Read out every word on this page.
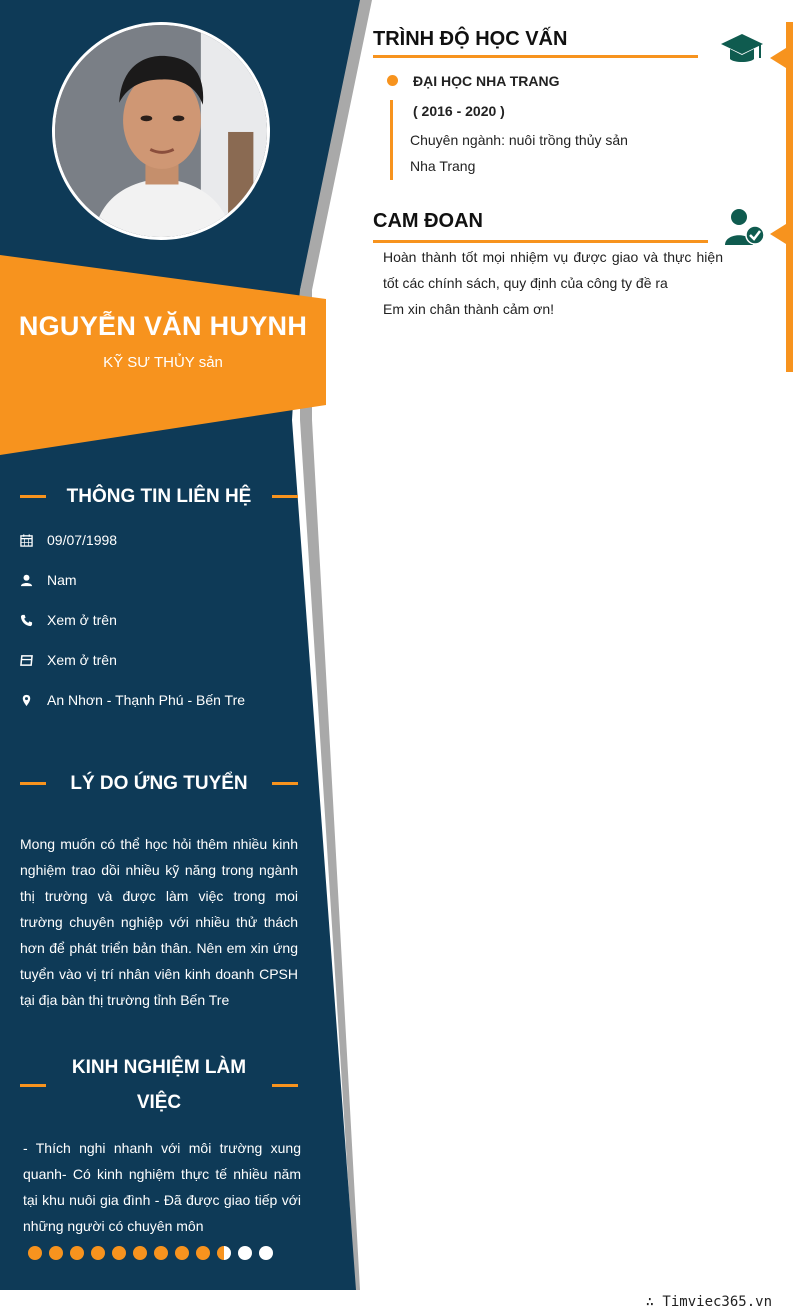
NGUYỄN VĂN HUYNH
KỸ SƯ THỦY sản
THÔNG TIN LIÊN HỆ
09/07/1998
Nam
Xem ở trên
Xem ở trên
An Nhơn - Thạnh Phú - Bến Tre
LÝ DO ỨNG TUYỂN
Mong muốn có thể học hỏi thêm nhiều kinh nghiệm trao dồi nhiều kỹ năng trong ngành thị trường và được làm việc trong moi trường chuyên nghiệp với nhiều thử thách hơn để phát triển bản thân. Nên em xin ứng tuyển vào vị trí nhân viên kinh doanh CPSH tại địa bàn thị trường tỉnh Bến Tre
KINH NGHIỆM LÀM
VIỆC
- Thích nghi nhanh với môi trường xung quanh- Có kinh nghiệm thực tế nhiều năm tại khu nuôi gia đình - Đã được giao tiếp với những người có chuyên môn
TRÌNH ĐỘ HỌC VẤN
ĐẠI HỌC NHA TRANG
( 2016 - 2020 )
Chuyên ngành: nuôi trồng thủy sản
Nha Trang
CAM ĐOAN
Hoàn thành tốt mọi nhiệm vụ được giao và thực hiện
tốt các chính sách, quy định của công ty đề ra
Em xin chân thành cảm ơn!
∴ Timviec365.vn
